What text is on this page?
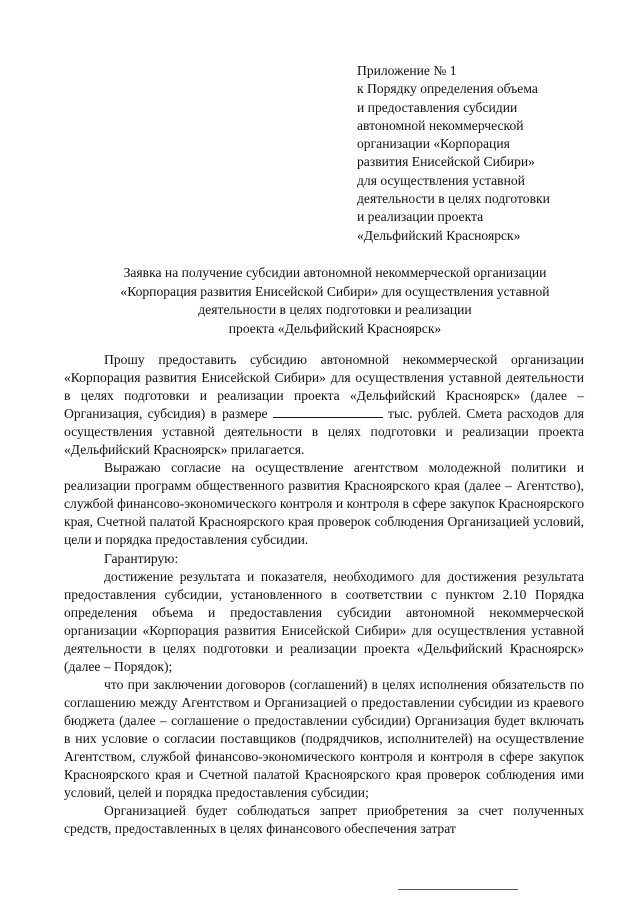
Приложение № 1
к Порядку определения объема
и предоставления субсидии
автономной некоммерческой
организации «Корпорация
развития Енисейской Сибири»
для осуществления уставной
деятельности в целях подготовки
и реализации проекта
«Дельфийский Красноярск»
Заявка на получение субсидии автономной некоммерческой организации
«Корпорация развития Енисейской Сибири» для осуществления уставной
деятельности в целях подготовки и реализации
проекта «Дельфийский Красноярск»

Прошу предоставить субсидию автономной некоммерческой организации «Корпорация развития Енисейской Сибири» для осуществления уставной деятельности в целях подготовки и реализации проекта «Дельфийский Красноярск» (далее – Организация, субсидия) в размере	тыс. рублей. Смета расходов для осуществления уставной деятельности в целях подготовки и реализации проекта «Дельфийский Красноярск» прилагается.

Выражаю согласие на осуществление агентством молодежной политики и реализации программ общественного развития Красноярского края (далее – Агентство), службой финансово-экономического контроля и контроля в сфере закупок Красноярского края, Счетной палатой Красноярского края проверок соблюдения Организацией условий, цели и порядка предоставления субсидии.

Гарантирую:

достижение результата и показателя, необходимого для достижения результата предоставления субсидии, установленного в соответствии с пунктом 2.10 Порядка определения объема и предоставления субсидии автономной некоммерческой организации «Корпорация развития Енисейской Сибири» для осуществления уставной деятельности в целях подготовки и реализации проекта «Дельфийский Красноярск» (далее – Порядок);

что при заключении договоров (соглашений) в целях исполнения обязательств по соглашению между Агентством и Организацией о предоставлении субсидии из краевого бюджета (далее – соглашение о предоставлении субсидии) Организация будет включать в них условие о согласии поставщиков (подрядчиков, исполнителей) на осуществление Агентством, службой финансово-экономического контроля и контроля в сфере закупок Красноярского края и Счетной палатой Красноярского края проверок соблюдения ими условий, целей и порядка предоставления субсидии;

Организацией будет соблюдаться запрет приобретения за счет полученных средств, предоставленных в целях финансового обеспечения затрат
